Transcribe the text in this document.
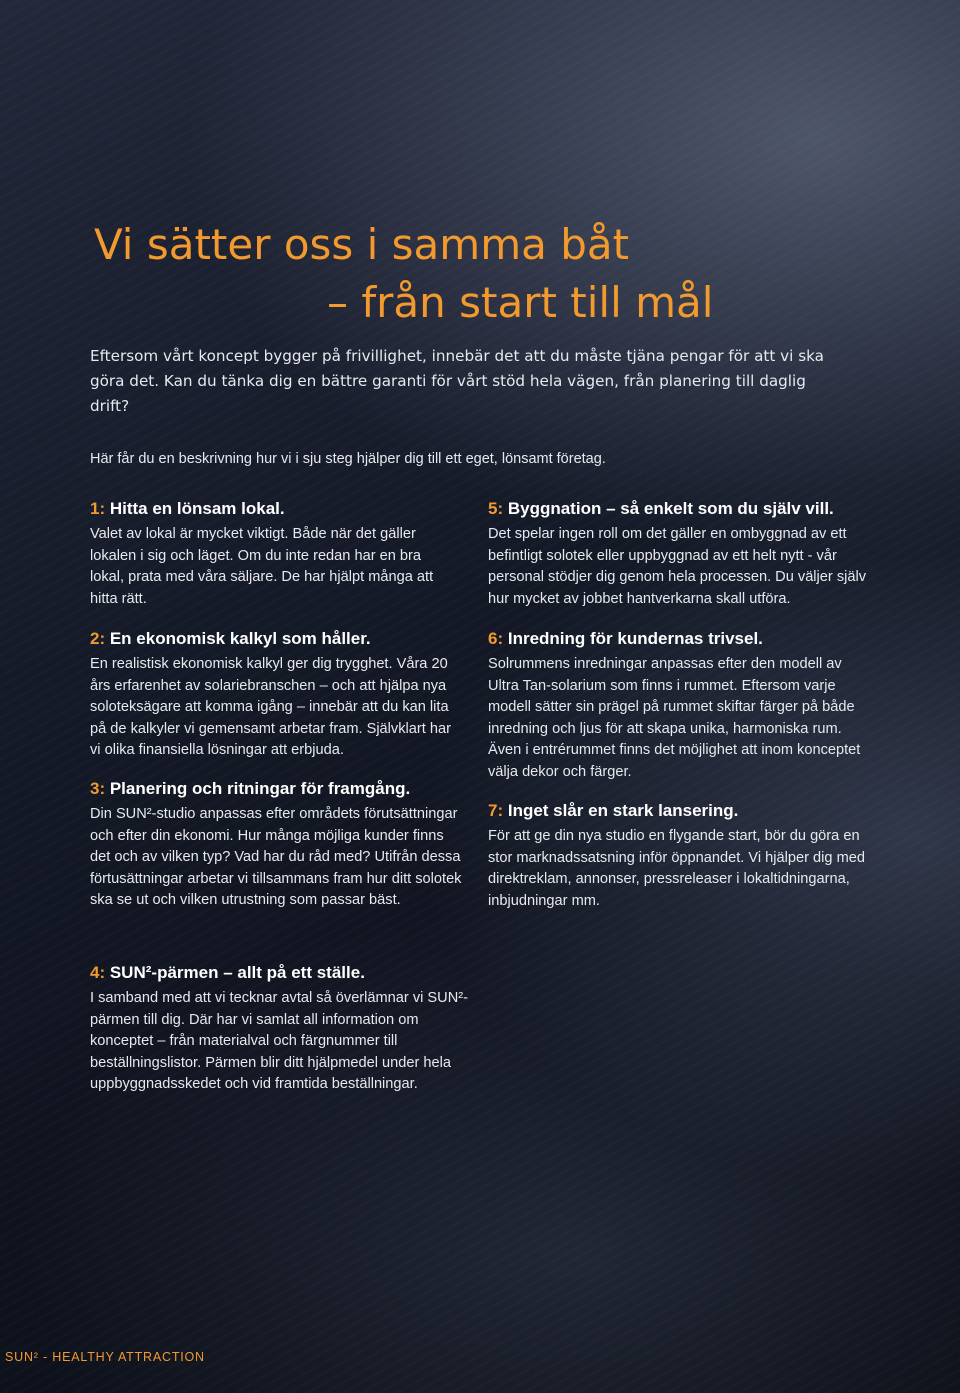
Vi sätter oss i samma båt
– från start till mål

Eftersom vårt koncept bygger på frivillighet, innebär det att du måste tjäna pengar för att vi ska göra det. Kan du tänka dig en bättre garanti för vårt stöd hela vägen, från planering till daglig drift?

Här får du en beskrivning hur vi i sju steg hjälper dig till ett eget, lönsamt företag.

1: Hitta en lönsam lokal.

Valet av lokal är mycket viktigt. Både när det gäller lokalen i sig och läget. Om du inte redan har en bra lokal, prata med våra säljare. De har hjälpt många att hitta rätt.

2: En ekonomisk kalkyl som håller.

En realistisk ekonomisk kalkyl ger dig trygghet. Våra 20 års erfarenhet av solariebranschen – och att hjälpa nya soloteksägare att komma igång – innebär att du kan lita på de kalkyler vi gemensamt arbetar fram. Självklart har vi olika finansiella lösningar att erbjuda.

3: Planering och ritningar för framgång.

Din SUN²-studio anpassas efter områdets förutsättningar och efter din ekonomi. Hur många möjliga kunder finns det och av vilken typ? Vad har du råd med? Utifrån dessa förtusättningar arbetar vi tillsammans fram hur ditt solotek ska se ut och vilken utrustning som passar bäst.

4: SUN²-pärmen – allt på ett ställe.

I samband med att vi tecknar avtal så överlämnar vi SUN²-pärmen till dig. Där har vi samlat all information om konceptet – från materialval och färgnummer till beställningslistor. Pärmen blir ditt hjälpmedel under hela uppbyggnadsskedet och vid framtida beställningar.

5: Byggnation – så enkelt som du själv vill.

Det spelar ingen roll om det gäller en ombyggnad av ett befintligt solotek eller uppbyggnad av ett helt nytt - vår personal stödjer dig genom hela processen. Du väljer själv hur mycket av jobbet hantverkarna skall utföra.

6: Inredning för kundernas trivsel.

Solrummens inredningar anpassas efter den modell av Ultra Tan-solarium som finns i rummet. Eftersom varje modell sätter sin prägel på rummet skiftar färger på både inredning och ljus för att skapa unika, harmoniska rum. Även i entrérummet finns det möjlighet att inom konceptet välja dekor och färger.

7: Inget slår en stark lansering.

För att ge din nya studio en flygande start, bör du göra en stor marknadssatsning inför öppnandet. Vi hjälper dig med direktreklam, annonser, pressreleaser i lokaltidningarna, inbjudningar mm.

SUN² - HEALTHY ATTRACTION
